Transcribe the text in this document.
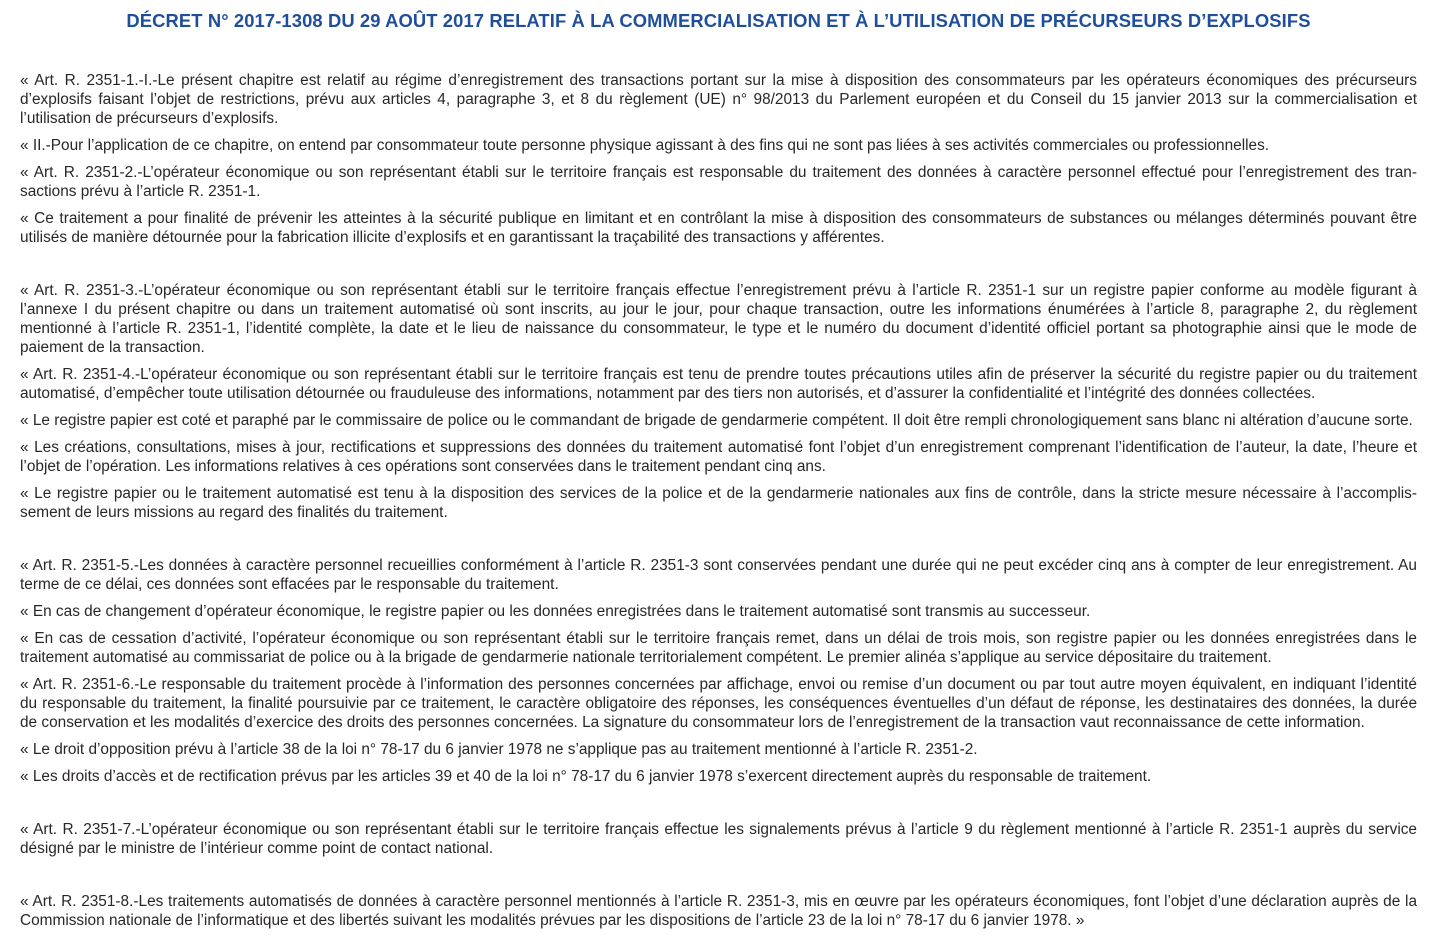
DÉCRET N° 2017-1308 DU 29 AOÛT 2017 RELATIF À LA COMMERCIALISATION ET À L’UTILISATION DE PRÉCURSEURS D’EXPLOSIFS

« Art. R. 2351-1.-I.-Le présent chapitre est relatif au régime d’enregistrement des transactions portant sur la mise à disposition des consommateurs par les opérateurs économiques des précurseurs d’explosifs faisant l’objet de restrictions, prévu aux articles 4, paragraphe 3, et 8 du règlement (UE) n° 98/2013 du Parlement européen et du Conseil du 15 janvier 2013 sur la commercialisation et l’utilisation de précurseurs d’explosifs.

« II.-Pour l’application de ce chapitre, on entend par consommateur toute personne physique agissant à des fins qui ne sont pas liées à ses activités commerciales ou professionnelles.

« Art. R. 2351-2.-L’opérateur économique ou son représentant établi sur le territoire français est responsable du traitement des données à caractère personnel effectué pour l’enregistrement des transactions prévu à l’article R. 2351-1.

« Ce traitement a pour finalité de prévenir les atteintes à la sécurité publique en limitant et en contrôlant la mise à disposition des consommateurs de substances ou mélanges déterminés pouvant être utilisés de manière détournée pour la fabrication illicite d’explosifs et en garantissant la traçabilité des transactions y afférentes.

« Art. R. 2351-3.-L’opérateur économique ou son représentant établi sur le territoire français effectue l’enregistrement prévu à l’article R. 2351-1 sur un registre papier conforme au modèle figurant à l’annexe I du présent chapitre ou dans un traitement automatisé où sont inscrits, au jour le jour, pour chaque transaction, outre les informations énumérées à l’article 8, paragraphe 2, du règlement mentionné à l’article R. 2351-1, l’identité complète, la date et le lieu de naissance du consommateur, le type et le numéro du document d’identité officiel portant sa photographie ainsi que le mode de paiement de la transaction.

« Art. R. 2351-4.-L’opérateur économique ou son représentant établi sur le territoire français est tenu de prendre toutes précautions utiles afin de préserver la sécurité du registre papier ou du traitement automatisé, d’empêcher toute utilisation détournée ou frauduleuse des informations, notamment par des tiers non autorisés, et d’assurer la confidentialité et l’intégrité des données collectées.

« Le registre papier est coté et paraphé par le commissaire de police ou le commandant de brigade de gendarmerie compétent. Il doit être rempli chronologiquement sans blanc ni altération d’aucune sorte.

« Les créations, consultations, mises à jour, rectifications et suppressions des données du traitement automatisé font l’objet d’un enregistrement comprenant l’identification de l’auteur, la date, l’heure et l’objet de l’opération. Les informations relatives à ces opérations sont conservées dans le traitement pendant cinq ans.

« Le registre papier ou le traitement automatisé est tenu à la disposition des services de la police et de la gendarmerie nationales aux fins de contrôle, dans la stricte mesure nécessaire à l’accomplissement de leurs missions au regard des finalités du traitement.

« Art. R. 2351-5.-Les données à caractère personnel recueillies conformément à l’article R. 2351-3 sont conservées pendant une durée qui ne peut excéder cinq ans à compter de leur enregistrement. Au terme de ce délai, ces données sont effacées par le responsable du traitement.

« En cas de changement d’opérateur économique, le registre papier ou les données enregistrées dans le traitement automatisé sont transmis au successeur.

« En cas de cessation d’activité, l’opérateur économique ou son représentant établi sur le territoire français remet, dans un délai de trois mois, son registre papier ou les données enregistrées dans le traitement automatisé au commissariat de police ou à la brigade de gendarmerie nationale territorialement compétent. Le premier alinéa s’applique au service dépositaire du traitement.

« Art. R. 2351-6.-Le responsable du traitement procède à l’information des personnes concernées par affichage, envoi ou remise d’un document ou par tout autre moyen équivalent, en indiquant l’identité du responsable du traitement, la finalité poursuivie par ce traitement, le caractère obligatoire des réponses, les conséquences éventuelles d’un défaut de réponse, les destinataires des données, la durée de conservation et les modalités d’exercice des droits des personnes concernées. La signature du consommateur lors de l’enregistrement de la transaction vaut reconnaissance de cette information.

« Le droit d’opposition prévu à l’article 38 de la loi n° 78-17 du 6 janvier 1978 ne s’applique pas au traitement mentionné à l’article R. 2351-2.

« Les droits d’accès et de rectification prévus par les articles 39 et 40 de la loi n° 78-17 du 6 janvier 1978 s’exercent directement auprès du responsable de traitement.

« Art. R. 2351-7.-L’opérateur économique ou son représentant établi sur le territoire français effectue les signalements prévus à l’article 9 du règlement mentionné à l’article R. 2351-1 auprès du service désigné par le ministre de l’intérieur comme point de contact national.

« Art. R. 2351-8.-Les traitements automatisés de données à caractère personnel mentionnés à l’article R. 2351-3, mis en œuvre par les opérateurs économiques, font l’objet d’une déclaration auprès de la Commission nationale de l’informatique et des libertés suivant les modalités prévues par les dispositions de l’article 23 de la loi n° 78-17 du 6 janvier 1978. »
